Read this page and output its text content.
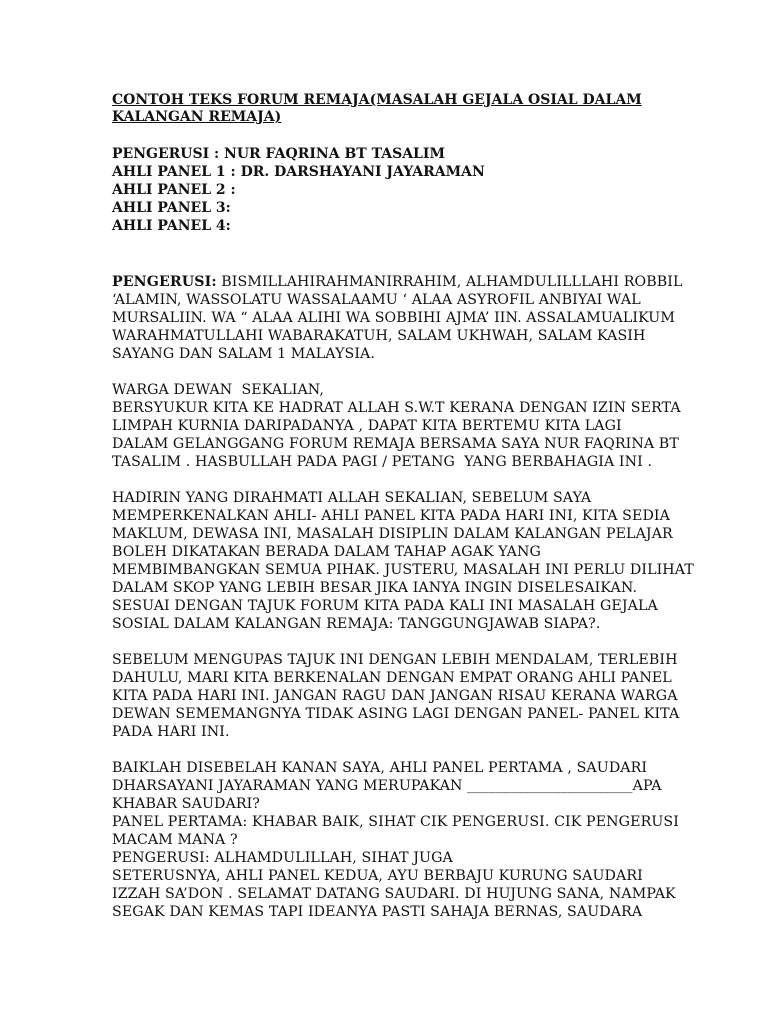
CONTOH TEKS FORUM REMAJA(MASALAH GEJALA OSIAL DALAM
KALANGAN REMAJA)
PENGERUSI : NUR FAQRINA BT TASALIM
AHLI PANEL 1 : DR. DARSHAYANI JAYARAMAN
AHLI PANEL 2 :
AHLI PANEL 3:
AHLI PANEL 4:
PENGERUSI: BISMILLAHIRAHMANIRRAHIM, ALHAMDULILLLAHI ROBBIL
‘ALAMIN, WASSOLATU WASSALAAMU ‘ ALAA ASYROFIL ANBIYAI WAL
MURSALIIN. WA “ ALAA ALIHI WA SOBBIHI AJMA’ IIN. ASSALAMUALIKUM
WARAHMATULLAHI WABARAKATUH, SALAM UKHWAH, SALAM KASIH
SAYANG DAN SALAM 1 MALAYSIA.
WARGA DEWAN  SEKALIAN,
BERSYUKUR KITA KE HADRAT ALLAH S.W.T KERANA DENGAN IZIN SERTA
LIMPAH KURNIA DARIPADANYA , DAPAT KITA BERTEMU KITA LAGI
DALAM GELANGGANG FORUM REMAJA BERSAMA SAYA NUR FAQRINA BT
TASALIM . HASBULLAH PADA PAGI / PETANG  YANG BERBAHAGIA INI .
HADIRIN YANG DIRAHMATI ALLAH SEKALIAN, SEBELUM SAYA
MEMPERKENALKAN AHLI- AHLI PANEL KITA PADA HARI INI, KITA SEDIA
MAKLUM, DEWASA INI, MASALAH DISIPLIN DALAM KALANGAN PELAJAR
BOLEH DIKATAKAN BERADA DALAM TAHAP AGAK YANG
MEMBIMBANGKAN SEMUA PIHAK. JUSTERU, MASALAH INI PERLU DILIHAT
DALAM SKOP YANG LEBIH BESAR JIKA IANYA INGIN DISELESAIKAN.
SESUAI DENGAN TAJUK FORUM KITA PADA KALI INI MASALAH GEJALA
SOSIAL DALAM KALANGAN REMAJA: TANGGUNGJAWAB SIAPA?.
SEBELUM MENGUPAS TAJUK INI DENGAN LEBIH MENDALAM, TERLEBIH
DAHULU, MARI KITA BERKENALAN DENGAN EMPAT ORANG AHLI PANEL
KITA PADA HARI INI. JANGAN RAGU DAN JANGAN RISAU KERANA WARGA
DEWAN SEMEMANGNYA TIDAK ASING LAGI DENGAN PANEL- PANEL KITA
PADA HARI INI.
BAIKLAH DISEBELAH KANAN SAYA, AHLI PANEL PERTAMA , SAUDARI
DHARSAYANI JAYARAMAN YANG MERUPAKAN _______________________APA
KHABAR SAUDARI?
PANEL PERTAMA: KHABAR BAIK, SIHAT CIK PENGERUSI. CIK PENGERUSI
MACAM MANA ?
PENGERUSI: ALHAMDULILLAH, SIHAT JUGA
SETERUSNYA, AHLI PANEL KEDUA, AYU BERBAJU KURUNG SAUDARI
IZZAH SA’DON . SELAMAT DATANG SAUDARI. DI HUJUNG SANA, NAMPAK
SEGAK DAN KEMAS TAPI IDEANYA PASTI SAHAJA BERNAS, SAUDARA
